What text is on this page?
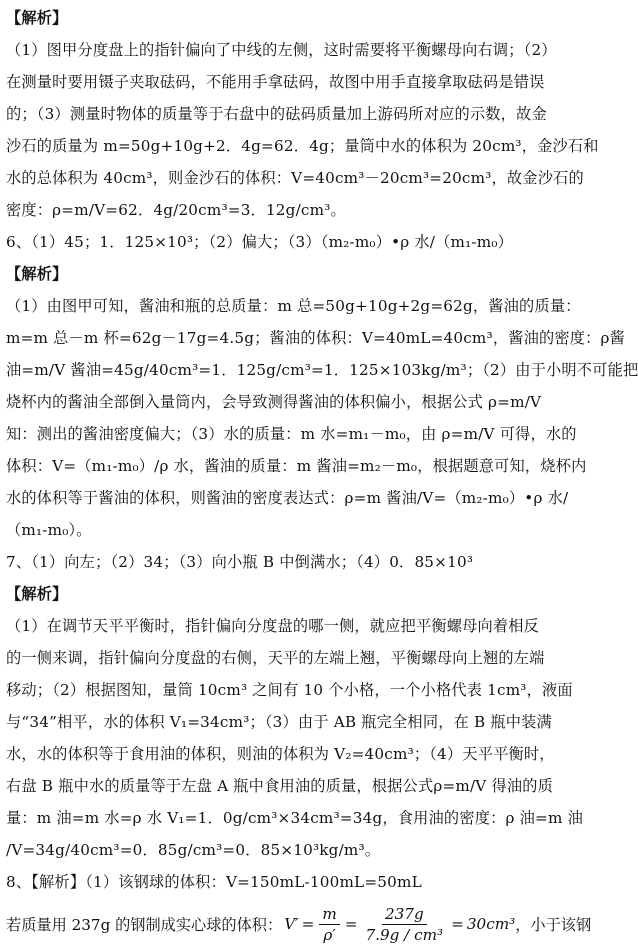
【解析】
（1）图甲分度盘上的指针偏向了中线的左侧，这时需要将平衡螺母向右调；（2）
在测量时要用镊子夹取砝码，不能用手拿砝码，故图中用手直接拿取砝码是错误
的；（3）测量时物体的质量等于右盘中的砝码质量加上游码所对应的示数，故金
沙石的质量为 m=50g+10g+2．4g=62．4g；量筒中水的体积为 20cm³，金沙石和
水的总体积为 40cm³，则金沙石的体积：V=40cm³－20cm³=20cm³，故金沙石的
密度：ρ=m/V=62．4g/20cm³=3．12g/cm³。
6、（1）45；1．125×10³；（2）偏大；（3）（m₂-m₀）•ρ 水/（m₁-m₀）
【解析】
（1）由图甲可知，酱油和瓶的总质量：m 总=50g+10g+2g=62g，酱油的质量：
m=m 总－m 杯=62g－17g=4.5g；酱油的体积：V=40mL=40cm³，酱油的密度：ρ酱
油=m/V 酱油=45g/40cm³=1．125g/cm³=1．125×103kg/m³；（2）由于小明不可能把
烧杯内的酱油全部倒入量筒内，会导致测得酱油的体积偏小，根据公式 ρ=m/V
知：测出的酱油密度偏大；（3）水的质量：m 水=m₁－m₀，由 ρ=m/V 可得，水的
体积：V=（m₁-m₀）/ρ 水，酱油的质量：m 酱油=m₂－m₀，根据题意可知，烧杯内
水的体积等于酱油的体积，则酱油的密度表达式：ρ=m 酱油/V=（m₂-m₀）•ρ 水/
（m₁-m₀）。
7、（1）向左；（2）34；（3）向小瓶 B 中倒满水；（4）0．85×10³
【解析】
（1）在调节天平平衡时，指针偏向分度盘的哪一侧，就应把平衡螺母向着相反
的一侧来调，指针偏向分度盘的右侧，天平的左端上翘，平衡螺母向上翘的左端
移动；（2）根据图知，量筒 10cm³ 之间有 10 个小格，一个小格代表 1cm³，液面
与“34”相平，水的体积 V₁=34cm³；（3）由于 AB 瓶完全相同，在 B 瓶中装满
水，水的体积等于食用油的体积，则油的体积为 V₂=40cm³；（4）天平平衡时，
右盘 B 瓶中水的质量等于左盘 A 瓶中食用油的质量，根据公式ρ=m/V 得油的质
量：m 油=m 水=ρ 水 V₁=1．0g/cm³×34cm³=34g，食用油的密度：ρ 油=m 油
/V=34g/40cm³=0．85g/cm³=0．85×10³kg/m³。
8、【解析】（1）该钢球的体积：V=150mL-100mL=50mL
若质量用 237g 的钢制成实心球的体积： $V' = \frac{m}{\rho'} = \frac{237g}{\text{7.9g / cm³}} = 30cm^3$ ，小于该钢
